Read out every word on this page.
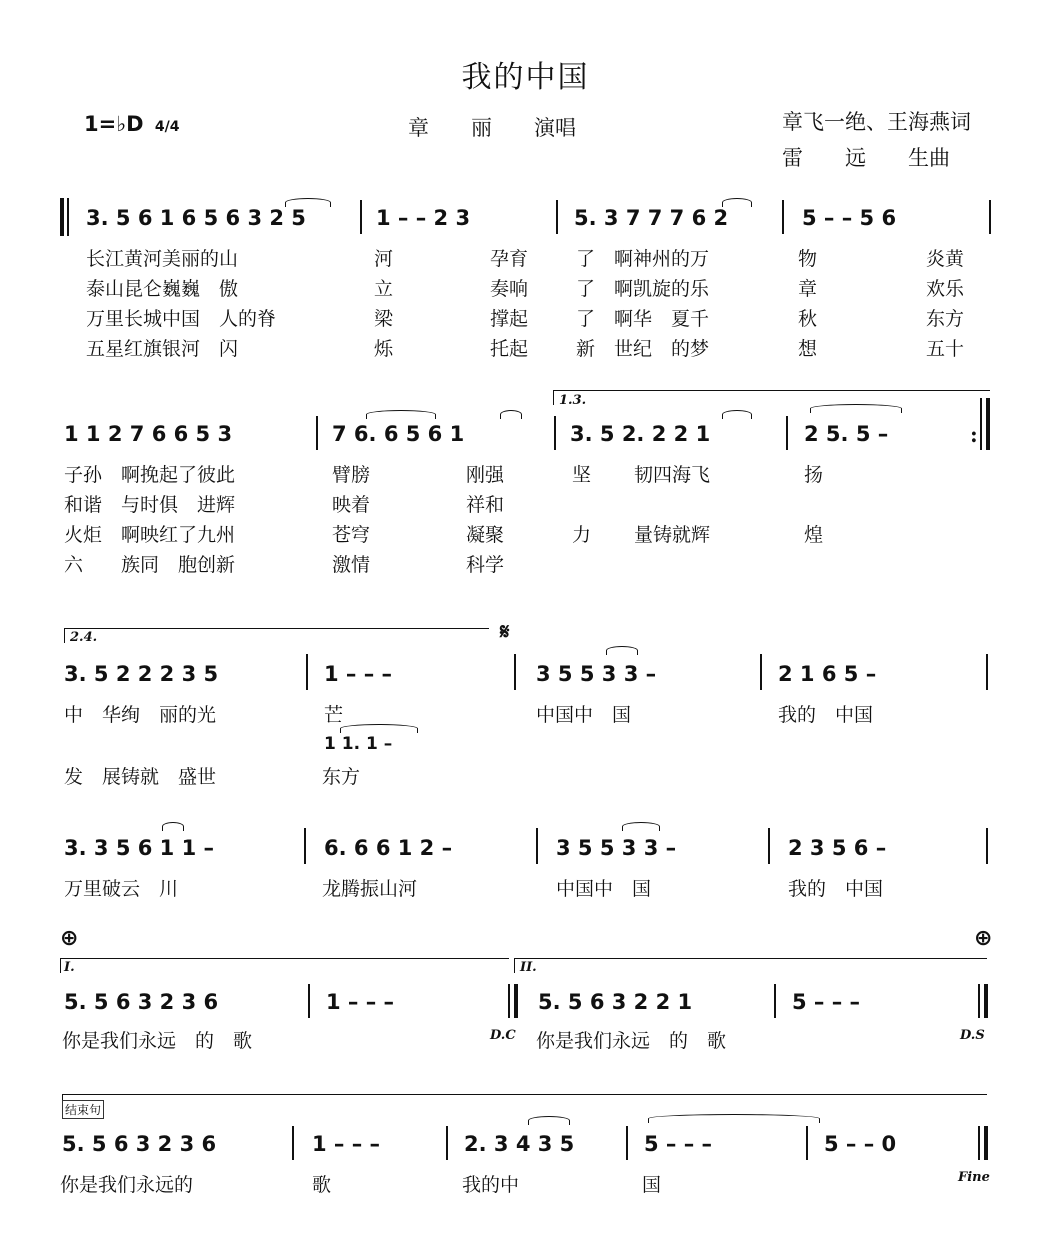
我的中国
1=♭D 4/4	章　　丽　　演唱	章飞一绝、王海燕词
雷　　远　　生曲
3. 5 6 1 6 5 6 3 2 5	1 – – 2 3	5. 3 7 7 7 6 2	5 – – 5 6
长江黄河美丽的山	河	孕育	了　啊神州的万	物	炎黄
泰山昆仑巍巍　傲	立	奏响	了　啊凯旋的乐	章	欢乐
万里长城中国　人的脊	梁	撑起	了　啊华　夏千	秋	东方
五星红旗银河　闪	烁	托起	新　世纪　的梦	想	五十
1.3.
1 1 2 7 6 6 5 3	7 6. 6 5 6 1	3. 5 2. 2 2 1	2 5. 5 –	:
子孙　啊挽起了彼此	臂膀	刚强	坚 韧四海飞	扬
和谐　与时俱　进辉	映着	祥和
火炬　啊映红了九州	苍穹	凝聚	力 量铸就辉	煌
六　　族同　胞创新	激情	科学
2.4.	𝄋
3. 5 2 2 2 3 5	1 – – –	3 5 5 3 3 –	2 1 6 5 –
中　华绚　丽的光	芒	中国中　国	我的　中国
1 1. 1 –
发　展铸就　盛世	东方
3. 3 5 6 1 1 –	6. 6 6 1 2 –	3 5 5 3 3 –	2 3 5 6 –
万里破云　川	龙腾振山河	中国中　国	我的　中国
⊕	⊕
I.	II.
5. 5 6 3 2 3 6	1 – – –	5. 5 6 3 2 2 1	5 – – –
你是我们永远　的　歌	你是我们永远　的　歌
D.C	D.S
结束句
5. 5 6 3 2 3 6	1 – – –	2. 3 4 3 5	5 – – –	5 – – 0
你是我们永远的	歌	我的中	国	Fine
